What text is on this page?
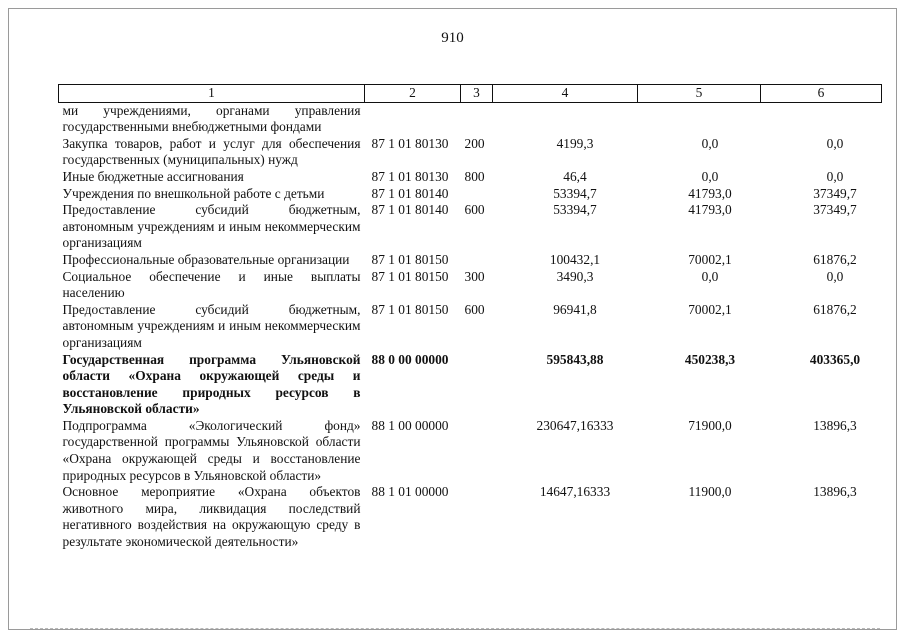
910
1	2	3	4	5	6
ми учреждениями, органами управления государственными внебюджетными фондами					
Закупка товаров, работ и услуг для обеспечения государственных (муниципальных) нужд	87 1 01 80130	200	4199,3	0,0	0,0
Иные бюджетные ассигнования	87 1 01 80130	800	46,4	0,0	0,0
Учреждения по внешкольной работе с детьми	87 1 01 80140		53394,7	41793,0	37349,7
Предоставление субсидий бюджетным, автономным учреждениям и иным некоммерческим организациям	87 1 01 80140	600	53394,7	41793,0	37349,7
Профессиональные образовательные организации	87 1 01 80150		100432,1	70002,1	61876,2
Социальное обеспечение и иные выплаты населению	87 1 01 80150	300	3490,3	0,0	0,0
Предоставление субсидий бюджетным, автономным учреждениям и иным некоммерческим организациям	87 1 01 80150	600	96941,8	70002,1	61876,2
Государственная программа Ульяновской области «Охрана окружающей среды и восстановление природных ресурсов в Ульяновской области»	88 0 00 00000		595843,88	450238,3	403365,0
Подпрограмма «Экологический фонд» государственной программы Ульяновской области «Охрана окружающей среды и восстановление природных ресурсов в Ульяновской области»	88 1 00 00000		230647,16333	71900,0	13896,3
Основное мероприятие «Охрана объектов животного мира, ликвидация последствий негативного воздействия на окружающую среду в результате экономической деятельности»	88 1 01 00000		14647,16333	11900,0	13896,3
